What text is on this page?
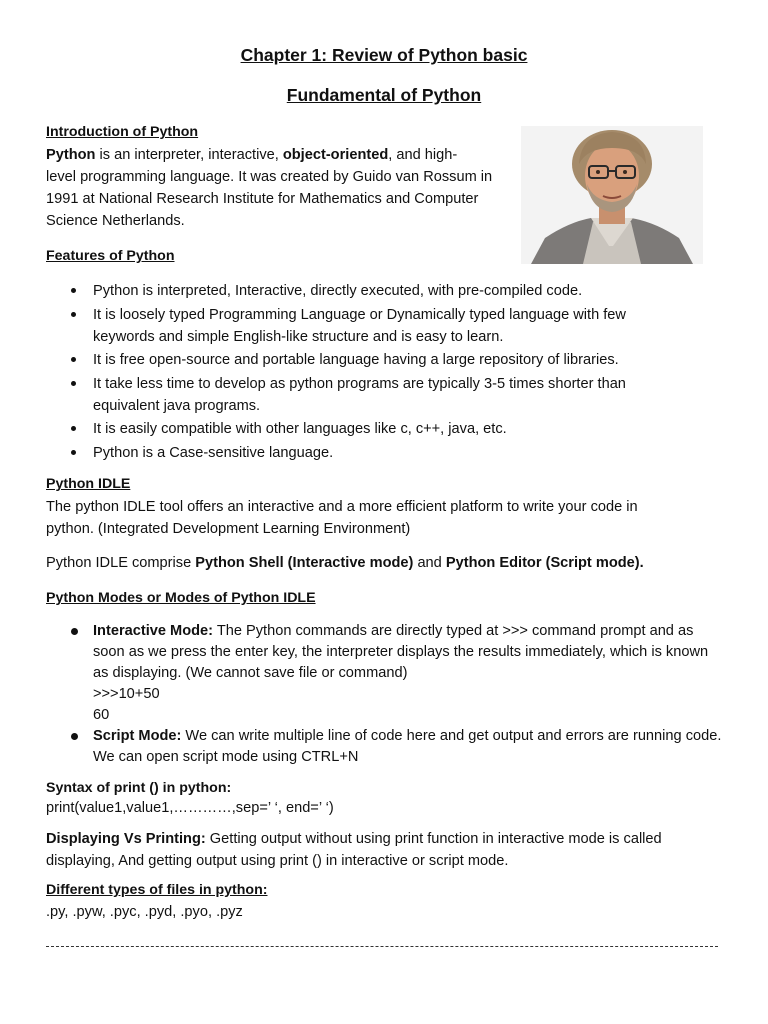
Chapter 1: Review of Python basic
Fundamental of Python
Introduction of Python
Python is an interpreter, interactive, object-oriented, and high-
level programming language. It was created by Guido van Rossum in
1991 at National Research Institute for Mathematics and Computer
Science Netherlands.
Features of Python
Python is interpreted, Interactive, directly executed, with pre-compiled code.
It is loosely typed Programming Language or Dynamically typed language with few keywords and simple English-like structure and is easy to learn.
It is free open-source and portable language having a large repository of libraries.
It take less time to develop as python programs are typically 3-5 times shorter than equivalent java programs.
It is easily compatible with other languages like c, c++, java, etc.
Python is a Case-sensitive language.
Python IDLE
The python IDLE tool offers an interactive and a more efficient platform to write your code in
python. (Integrated Development Learning Environment)
Python IDLE comprise Python Shell (Interactive mode) and Python Editor (Script mode).
Python Modes or Modes of Python IDLE
Interactive Mode: The Python commands are directly typed at >>> command prompt and as soon as we press the enter key, the interpreter displays the results immediately, which is known as displaying. (We cannot save file or command)
>>>10+50
60
Script Mode: We can write multiple line of code here and get output and errors are running code. We can open script mode using CTRL+N
Syntax of print () in python:
print(value1,value1,…………,sep=’ ‘, end=’ ‘)
Displaying Vs Printing: Getting output without using print function in interactive mode is called
displaying, And getting output using print () in interactive or script mode.
Different types of files in python:
.py, .pyw, .pyc, .pyd, .pyo, .pyz
